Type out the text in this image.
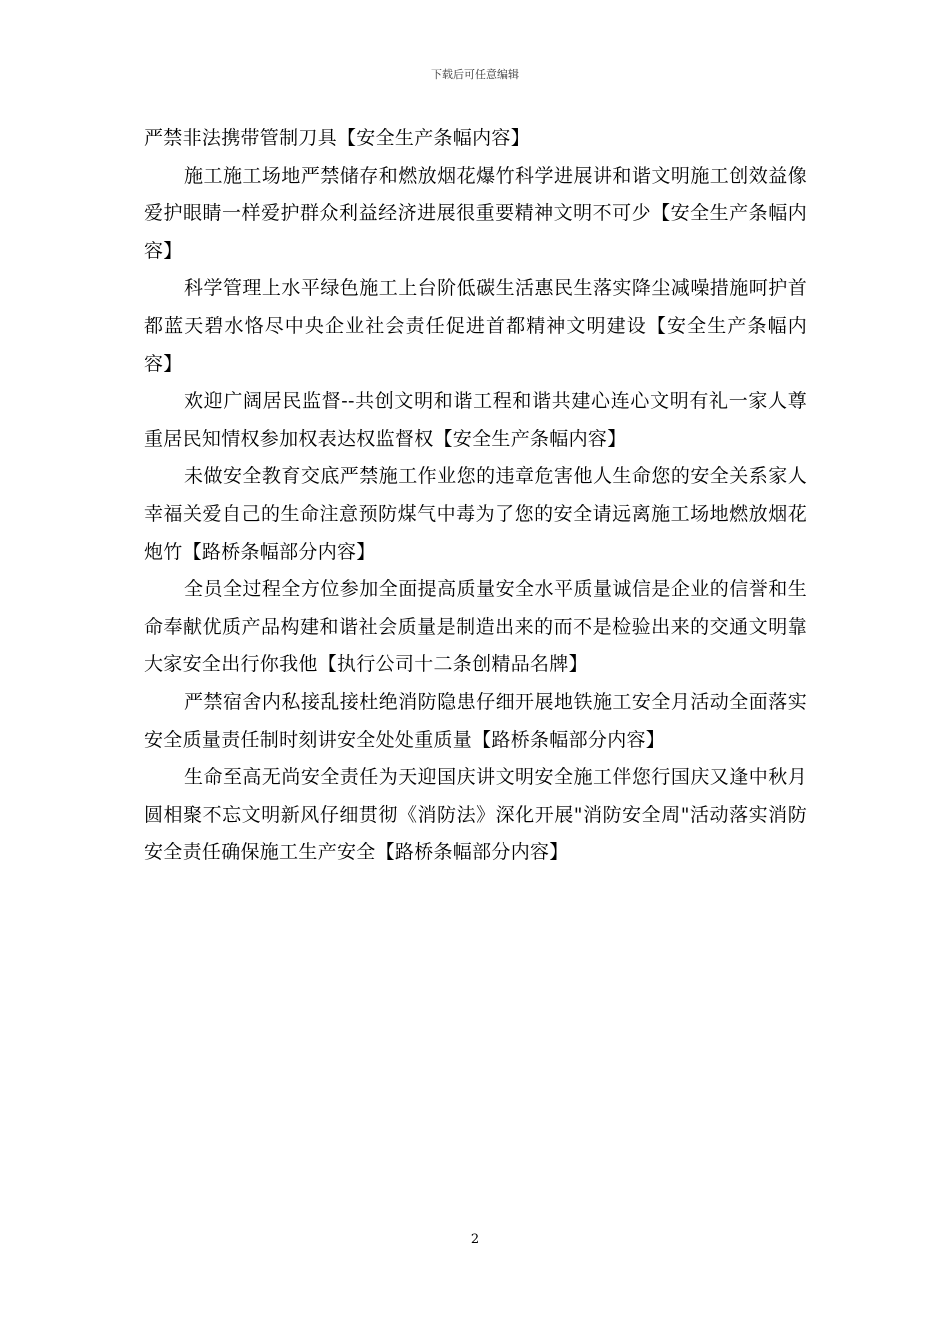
下载后可任意编辑

严禁非法携带管制刀具【安全生产条幅内容】

施工施工场地严禁储存和燃放烟花爆竹科学进展讲和谐文明施工创效益像爱护眼睛一样爱护群众利益经济进展很重要精神文明不可少【安全生产条幅内容】

科学管理上水平绿色施工上台阶低碳生活惠民生落实降尘减噪措施呵护首都蓝天碧水恪尽中央企业社会责任促进首都精神文明建设【安全生产条幅内容】

欢迎广阔居民监督--共创文明和谐工程和谐共建心连心文明有礼一家人尊重居民知情权参加权表达权监督权【安全生产条幅内容】

未做安全教育交底严禁施工作业您的违章危害他人生命您的安全关系家人幸福关爱自己的生命注意预防煤气中毒为了您的安全请远离施工场地燃放烟花炮竹【路桥条幅部分内容】

全员全过程全方位参加全面提高质量安全水平质量诚信是企业的信誉和生命奉献优质产品构建和谐社会质量是制造出来的而不是检验出来的交通文明靠大家安全出行你我他【执行公司十二条创精品名牌】

严禁宿舍内私接乱接杜绝消防隐患仔细开展地铁施工安全月活动全面落实安全质量责任制时刻讲安全处处重质量【路桥条幅部分内容】

生命至高无尚安全责任为天迎国庆讲文明安全施工伴您行国庆又逢中秋月圆相聚不忘文明新风仔细贯彻《消防法》深化开展"消防安全周"活动落实消防安全责任确保施工生产安全【路桥条幅部分内容】

2
